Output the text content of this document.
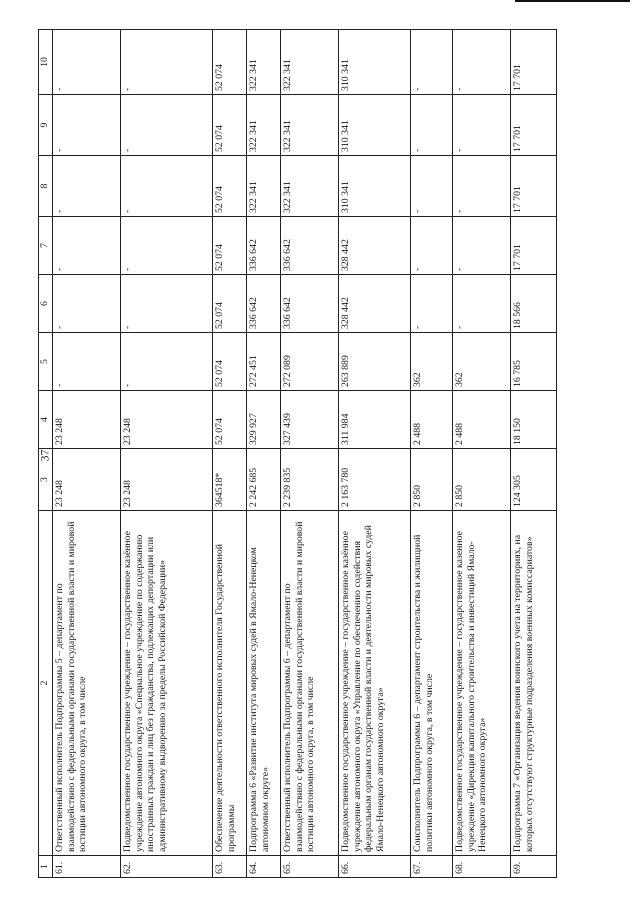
37
1	2	3	4	5	6	7	8	9	10
61.	Ответственный исполнитель Подпрограммы 5 – департамент по взаимодействию с федеральными органами государственной власти и мировой юстиции автономного округа, в том числе	23 248	23 248	-	-	-	-	-	-
62.	Подведомственное государственное учреждение – государственное казённое учреждение автономного округа «Специальное учреждение по содержанию иностранных граждан и лиц без гражданства, подлежащих депортации или административному выдворению за пределы Российской Федерации»	23 248	23 248	-	-	-	-	-	-
63.	Обеспечение деятельности ответственного исполнителя Государственной программы	364518*	52 074	52 074	52 074	52 074	52 074	52 074	52 074
64.	Подпрограмма 6 «Развитие института мировых судей в Ямало-Ненецком автономном округе»	2 242 685	329 927	272 451	336 642	336 642	322 341	322 341	322 341
65.	Ответственный исполнитель Подпрограммы 6 – департамент по взаимодействию с федеральными органами государственной власти и мировой юстиции автономного округа, в том числе	2 239 835	327 439	272 089	336 642	336 642	322 341	322 341	322 341
66.	Подведомственное государственное учреждение – государственное казённое учреждение автономного округа «Управление по обеспечению содействия федеральным органам государственной власти и деятельности мировых судей Ямало-Ненецкого автономного округа»	2 163 780	311 984	263 889	328 442	328 442	310 341	310 341	310 341
67.	Соисполнитель Подпрограммы 6 – департамент строительства и жилищной политики автономного округа, в том числе	2 850	2 488	362	-	-	-	-	-
68.	Подведомственное государственное учреждение – государственное казенное учреждение «Дирекция капитального строительства и инвестиций Ямало-Ненецкого автономного округа»	2 850	2 488	362	-	-	-	-	-
69.	Подпрограмма 7 «Организация ведения воинского учета на территориях, на которых отсутствуют структурные подразделения военных комиссариатов»	124 305	18 150	16 785	18 566	17 701	17 701	17 701	17 701
